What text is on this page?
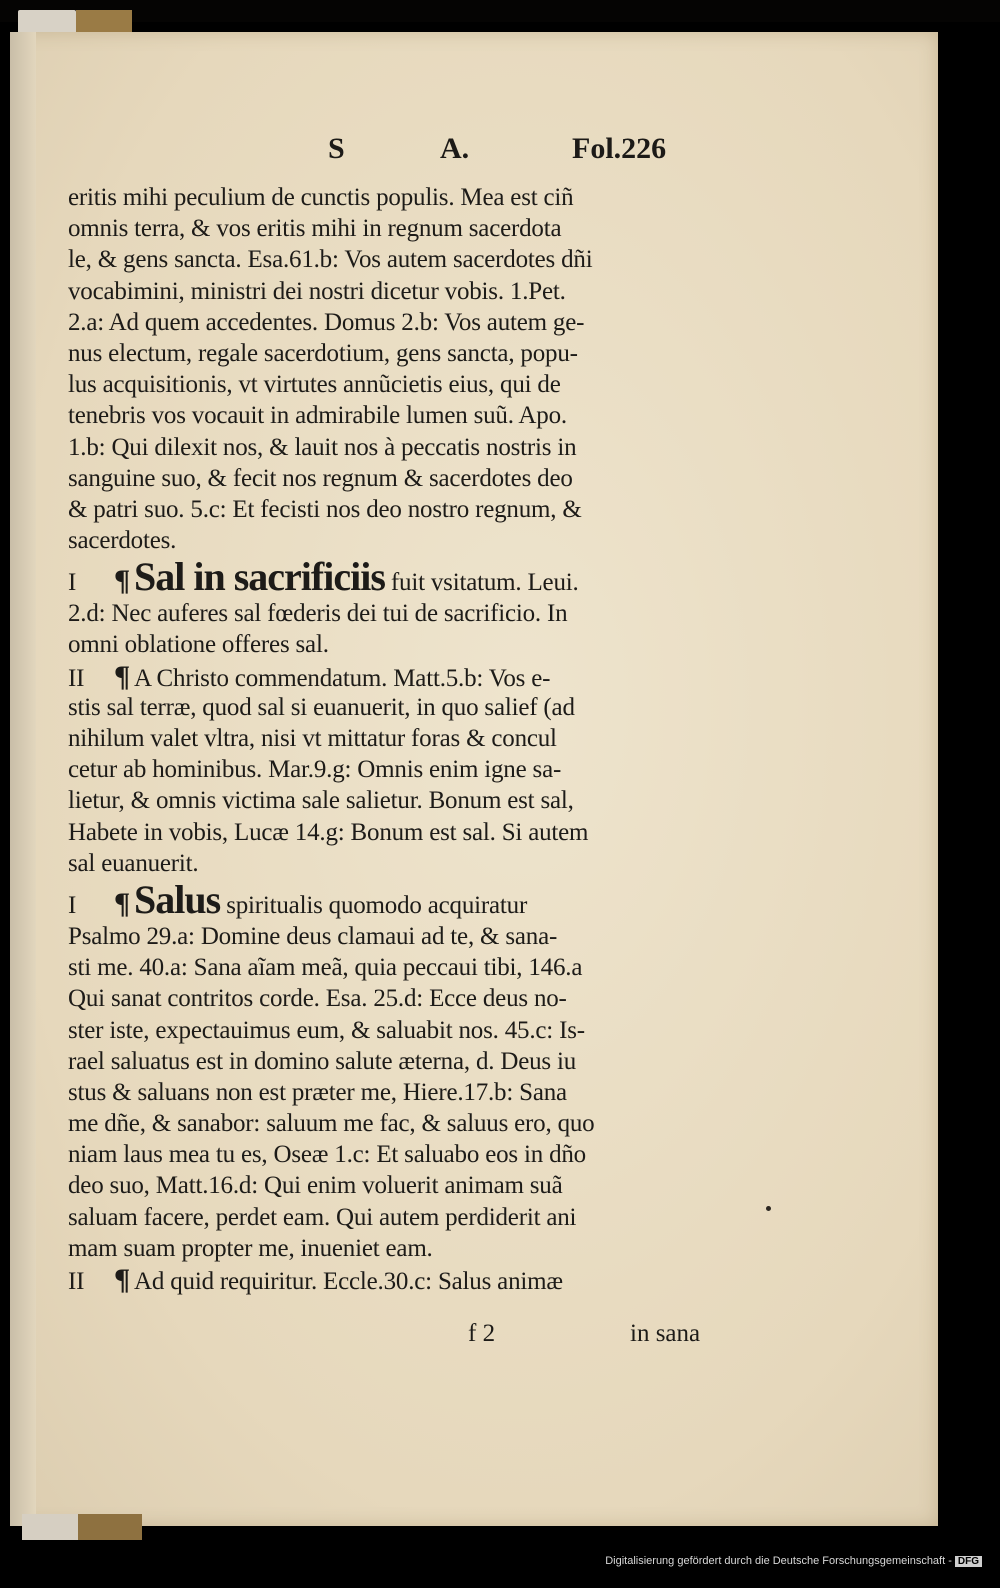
S	A.	Fol.226
eritis mihi peculium de cunctis populis. Mea est ciñ
omnis terra, & vos eritis mihi in regnum sacerdota
le, & gens sancta. Esa.61.b: Vos autem sacerdotes dñi
vocabimini, ministri dei nostri dicetur vobis. 1.Pet.
2.a: Ad quem accedentes. Domus 2.b: Vos autem ge-
nus electum, regale sacerdotium, gens sancta, popu-
lus acquisitionis, vt virtutes annũcietis eius, qui de
tenebris vos vocauit in admirabile lumen suũ. Apo.
1.b: Qui dilexit nos, & lauit nos à peccatis nostris in
sanguine suo, & fecit nos regnum & sacerdotes deo
& patri suo. 5.c: Et fecisti nos deo nostro regnum, &
sacerdotes.
I ¶ Sal in sacrificiis fuit vsitatum. Leui.
2.d: Nec auferes sal fœderis dei tui de sacrificio. In
omni oblatione offeres sal.
II ¶ A Christo commendatum. Matt.5.b: Vos e-
stis sal terræ, quod sal si euanuerit, in quo salief (ad
nihilum valet vltra, nisi vt mittatur foras & concul
cetur ab hominibus. Mar.9.g: Omnis enim igne sa-
lietur, & omnis victima sale salietur. Bonum est sal,
Habete in vobis, Lucæ 14.g: Bonum est sal. Si autem
sal euanuerit.
I ¶ Salus spiritualis quomodo acquiratur
Psalmo 29.a: Domine deus clamaui ad te, & sana-
sti me. 40.a: Sana aĩam meã, quia peccaui tibi, 146.a
Qui sanat contritos corde. Esa. 25.d: Ecce deus no-
ster iste, expectauimus eum, & saluabit nos. 45.c: Is-
rael saluatus est in domino salute æterna, d. Deus iu
stus & saluans non est præter me, Hiere.17.b: Sana
me dñe, & sanabor: saluum me fac, & saluus ero, quo
niam laus mea tu es, Oseæ 1.c: Et saluabo eos in dño
deo suo, Matt.16.d: Qui enim voluerit animam suã
saluam facere, perdet eam. Qui autem perdiderit ani
mam suam propter me, inueniet eam.
II ¶ Ad quid requiritur. Eccle.30.c: Salus animæ
f 2	in sana
Digitalisierung gefördert durch die Deutsche Forschungsgemeinschaft - DFG
